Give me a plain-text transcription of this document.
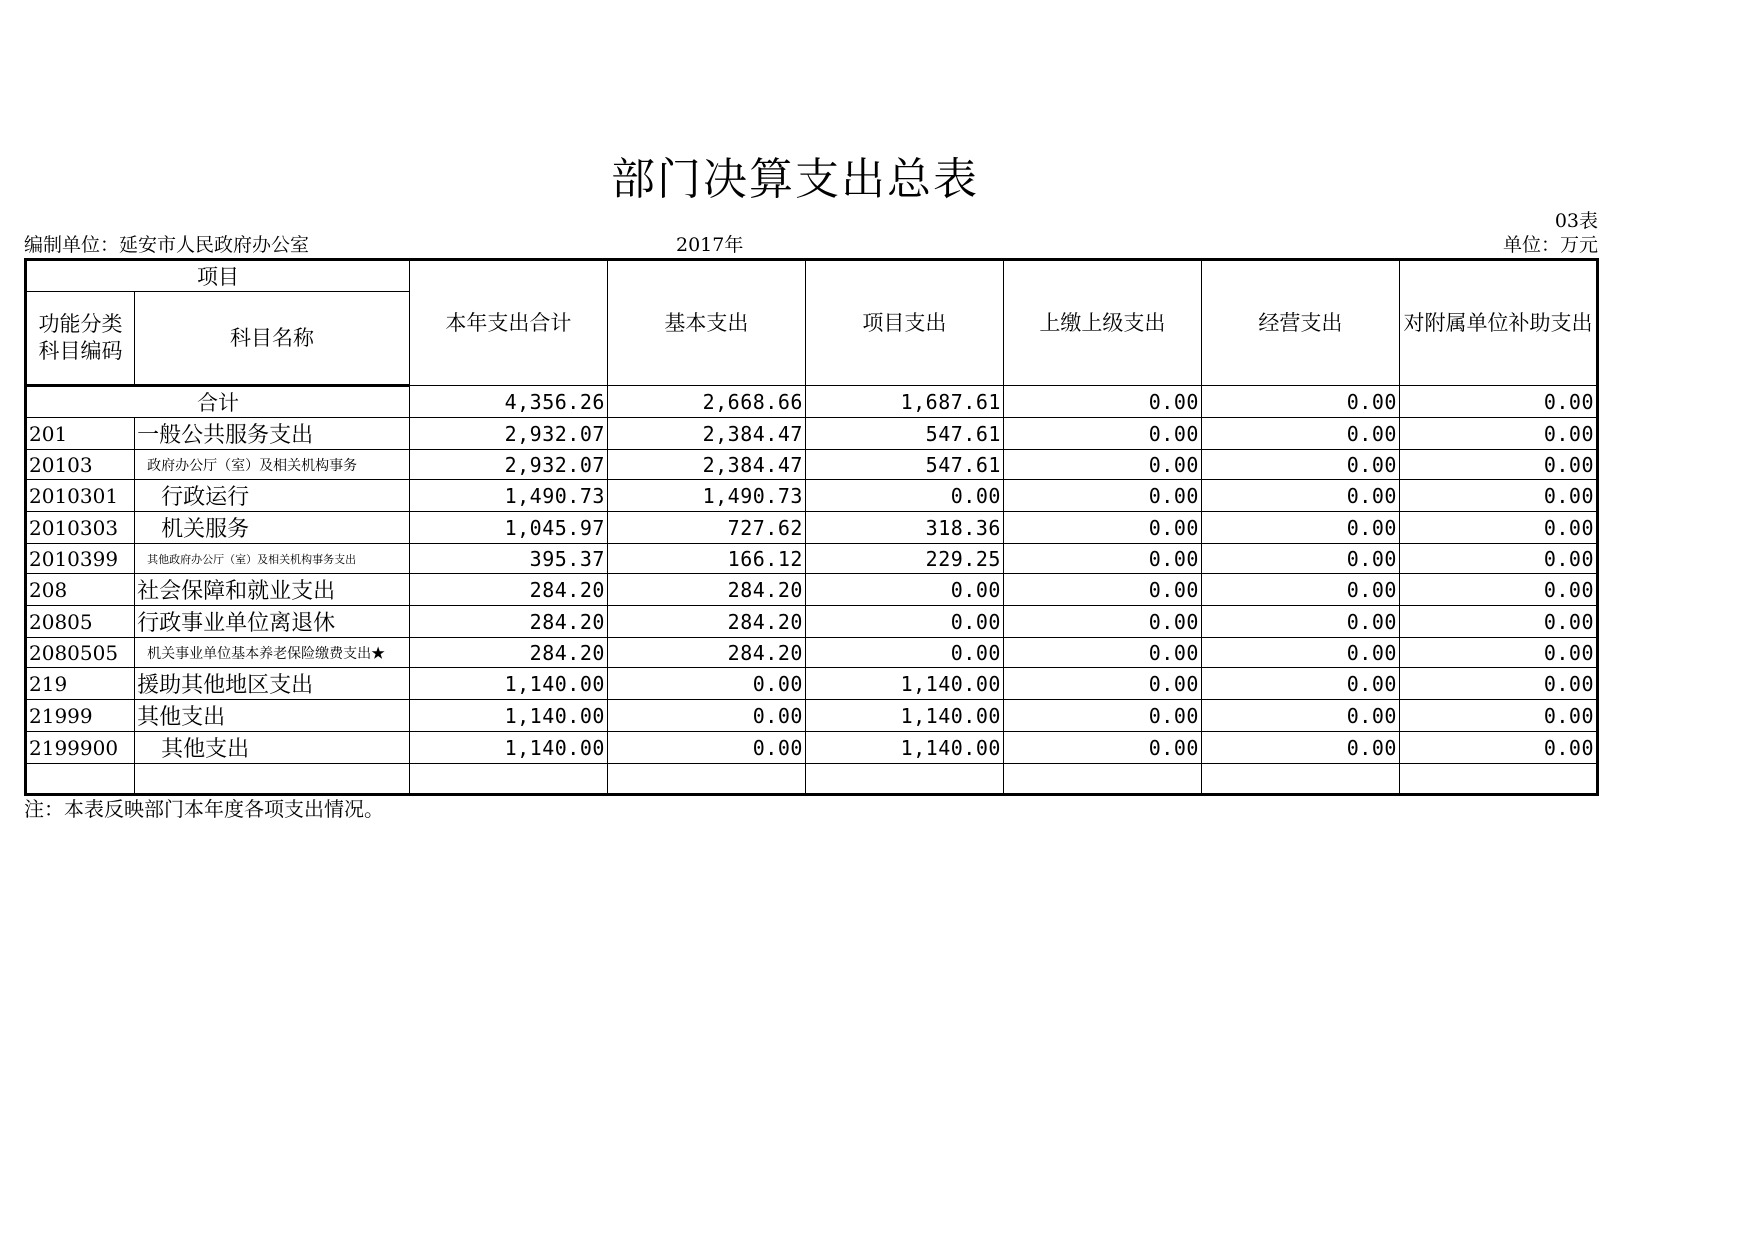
部门决算支出总表
03表
编制单位：延安市人民政府办公室	2017年	单位：万元
项目		本年支出合计	基本支出	项目支出	上缴上级支出	经营支出	对附属单位补助支出
功能分类科目编码	科目名称						
合计		4,356.26	2,668.66	1,687.61	0.00	0.00	0.00
201	一般公共服务支出	2,932.07	2,384.47	547.61	0.00	0.00	0.00
20103	政府办公厅（室）及相关机构事务	2,932.07	2,384.47	547.61	0.00	0.00	0.00
2010301	行政运行	1,490.73	1,490.73	0.00	0.00	0.00	0.00
2010303	机关服务	1,045.97	727.62	318.36	0.00	0.00	0.00
2010399	其他政府办公厅（室）及相关机构事务支出	395.37	166.12	229.25	0.00	0.00	0.00
208	社会保障和就业支出	284.20	284.20	0.00	0.00	0.00	0.00
20805	行政事业单位离退休	284.20	284.20	0.00	0.00	0.00	0.00
2080505	机关事业单位基本养老保险缴费支出★	284.20	284.20	0.00	0.00	0.00	0.00
219	援助其他地区支出	1,140.00	0.00	1,140.00	0.00	0.00	0.00
21999	其他支出	1,140.00	0.00	1,140.00	0.00	0.00	0.00
2199900	其他支出	1,140.00	0.00	1,140.00	0.00	0.00	0.00

注：本表反映部门本年度各项支出情况。
